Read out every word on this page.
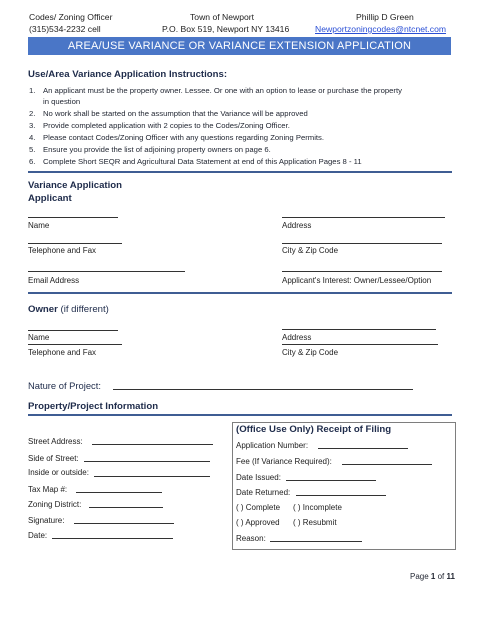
Codes/ Zoning Officer
(315)534-2232 cell
Town of Newport
P.O. Box 519, Newport NY 13416
Phillip D Green
Newportzoningcodes@ntcnet.com
AREA/USE VARIANCE OR VARIANCE EXTENSION APPLICATION
Use/Area Variance Application Instructions:
1. An applicant must be the property owner. Lessee. Or one with an option to lease or purchase the property
in question
2. No work shall be started on the assumption that the Variance will be approved
3. Provide completed application with 2 copies to the Codes/Zoning Officer.
4. Please contact Codes/Zoning Officer with any questions regarding Zoning Permits.
5. Ensure you provide the list of adjoining property owners on page 6.
6. Complete Short SEQR and Agricultural Data Statement at end of this Application Pages 8 - 11
Variance Application
Applicant
Name	Address
Telephone and Fax	City & Zip Code
Email Address	Applicant's Interest: Owner/Lessee/Option
Owner (if different)
Name	Address
Telephone and Fax	City & Zip Code
Nature of Project:
Property/Project Information
Street Address:
Side of Street:
Inside or outside:
Tax Map #:
Zoning District:
Signature:
Date:
(Office Use Only) Receipt of Filing
Application Number:
Fee (If Variance Required):
Date Issued:
Date Returned:
( ) Complete ( ) Incomplete
( ) Approved ( ) Resubmit
Reason:
Page 1 of 11
